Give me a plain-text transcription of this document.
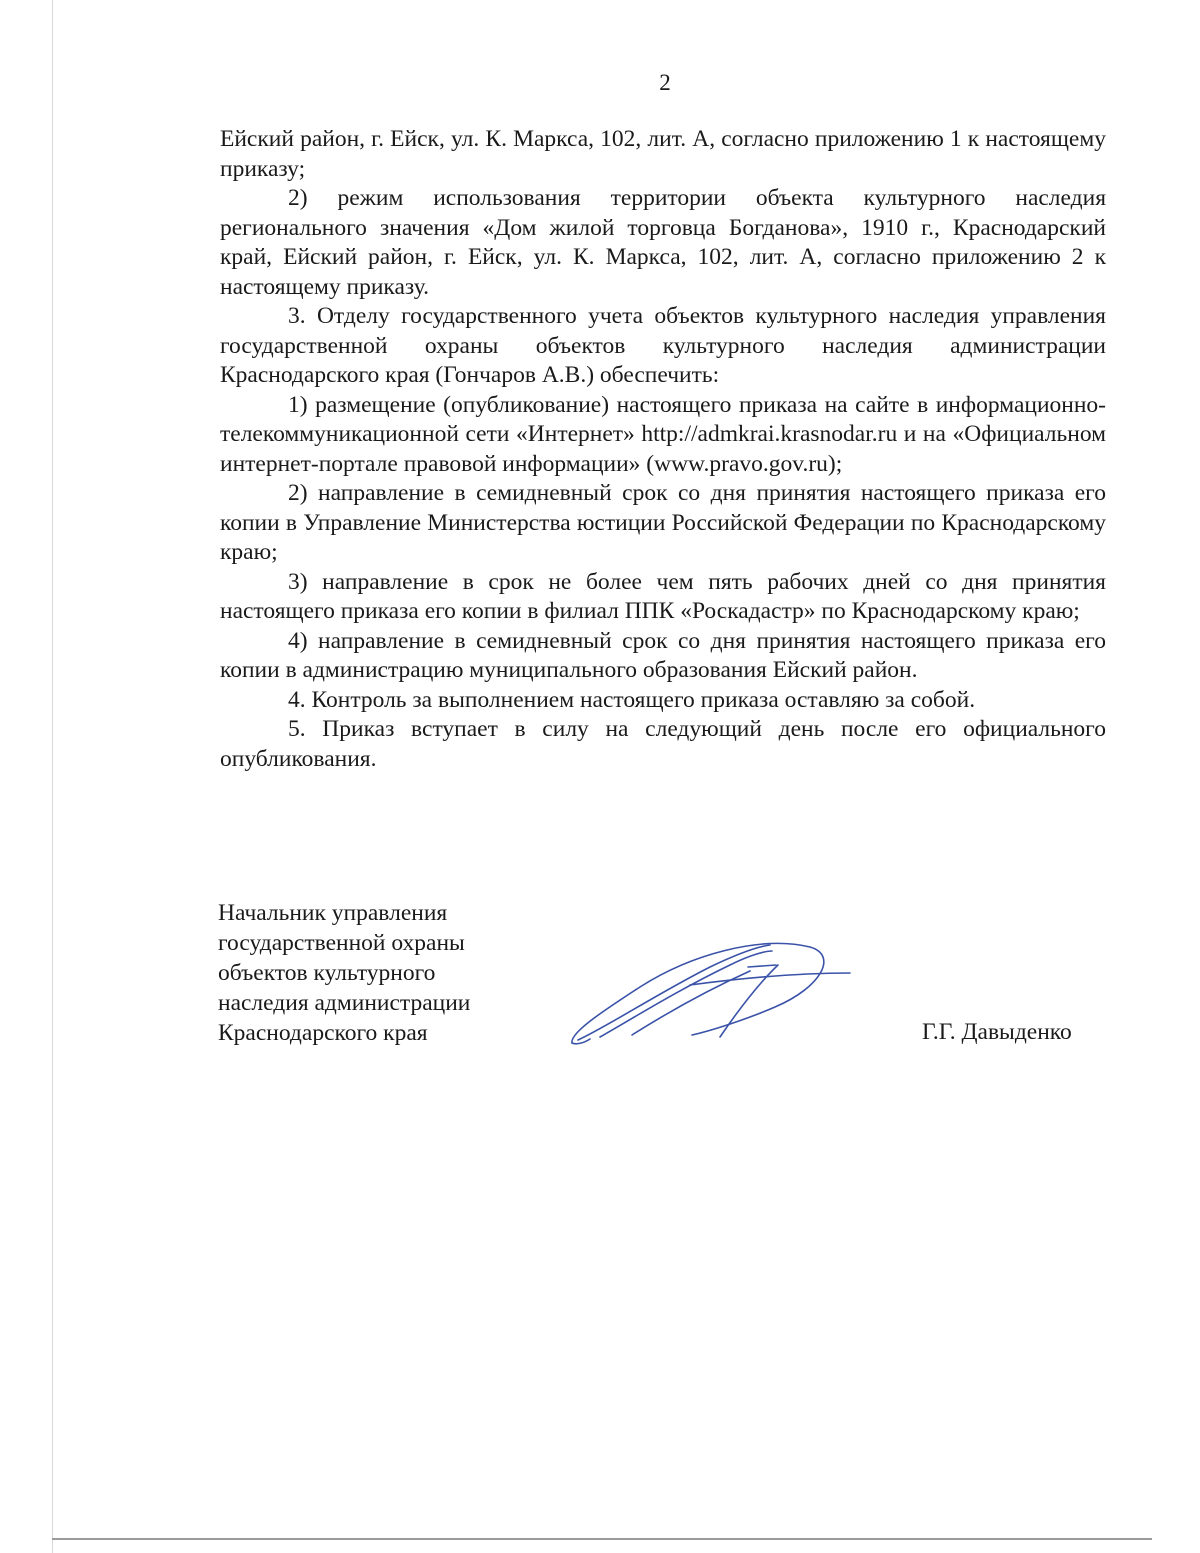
2

Ейский район, г. Ейск, ул. К. Маркса, 102, лит. А, согласно приложению 1 к настоящему приказу;

2) режим использования территории объекта культурного наследия регионального значения «Дом жилой торговца Богданова», 1910 г., Краснодарский край, Ейский район, г. Ейск, ул. К. Маркса, 102, лит. А, согласно приложению 2 к настоящему приказу.

3. Отделу государственного учета объектов культурного наследия управления государственной охраны объектов культурного наследия администрации Краснодарского края (Гончаров А.В.) обеспечить:

1) размещение (опубликование) настоящего приказа на сайте в информационно-телекоммуникационной сети «Интернет» http://admkrai.krasnodar.ru и на «Официальном интернет-портале правовой информации» (www.pravo.gov.ru);

2) направление в семидневный срок со дня принятия настоящего приказа его копии в Управление Министерства юстиции Российской Федерации по Краснодарскому краю;

3) направление в срок не более чем пять рабочих дней со дня принятия настоящего приказа его копии в филиал ППК «Роскадастр» по Краснодарскому краю;

4) направление в семидневный срок со дня принятия настоящего приказа его копии в администрацию муниципального образования Ейский район.

4. Контроль за выполнением настоящего приказа оставляю за собой.

5. Приказ вступает в силу на следующий день после его официального опубликования.

Начальник управления
государственной охраны
объектов культурного
наследия администрации
Краснодарского края	Г.Г. Давыденко
